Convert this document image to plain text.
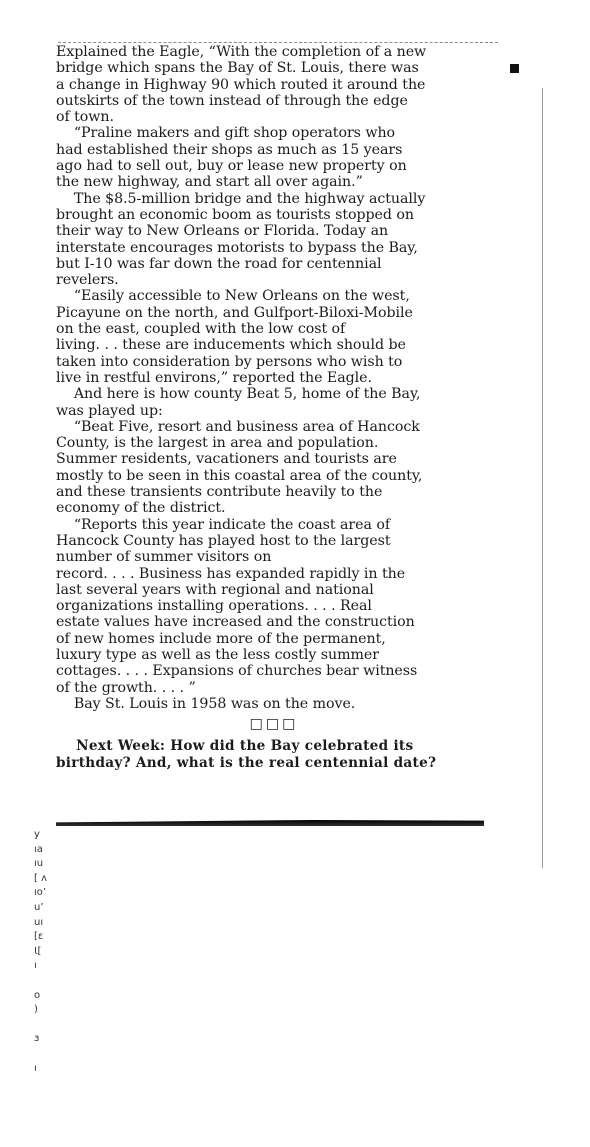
Explained the Eagle, “With the completion of a new
bridge which spans the Bay of St. Louis, there was
a change in Highway 90 which routed it around the
outskirts of the town instead of through the edge
of town.

“Praline makers and gift shop operators who
had established their shops as much as 15 years
ago had to sell out, buy or lease new property on
the new highway, and start all over again.”

The $8.5-million bridge and the highway actually
brought an economic boom as tourists stopped on
their way to New Orleans or Florida. Today an
interstate encourages motorists to bypass the Bay,
but I-10 was far down the road for centennial
revelers.

“Easily accessible to New Orleans on the west,
Picayune on the north, and Gulfport-Biloxi-Mobile
on the east, coupled with the low cost of
living. . . these are inducements which should be
taken into consideration by persons who wish to
live in restful environs,” reported the Eagle.

And here is how county Beat 5, home of the Bay,
was played up:

“Beat Five, resort and business area of Hancock
County, is the largest in area and population.
Summer residents, vacationers and tourists are
mostly to be seen in this coastal area of the county,
and these transients contribute heavily to the
economy of the district.

“Reports this year indicate the coast area of
Hancock County has played host to the largest
number of summer visitors on
record. . . . Business has expanded rapidly in the
last several years with regional and national
organizations installing operations. . . . Real
estate values have increased and the construction
of new homes include more of the permanent,
luxury type as well as the less costly summer
cottages. . . . Expansions of churches bear witness
of the growth. . . . ”

Bay St. Louis in 1958 was on the move.

□□□
Next Week: How did the Bay celebrated its
birthday? And, what is the real centennial date?
y
ıa
ıu
[ ʌ
ıo’
u’
uı
[ε
Ɩ[
ı
o
)
ɜ
ı
